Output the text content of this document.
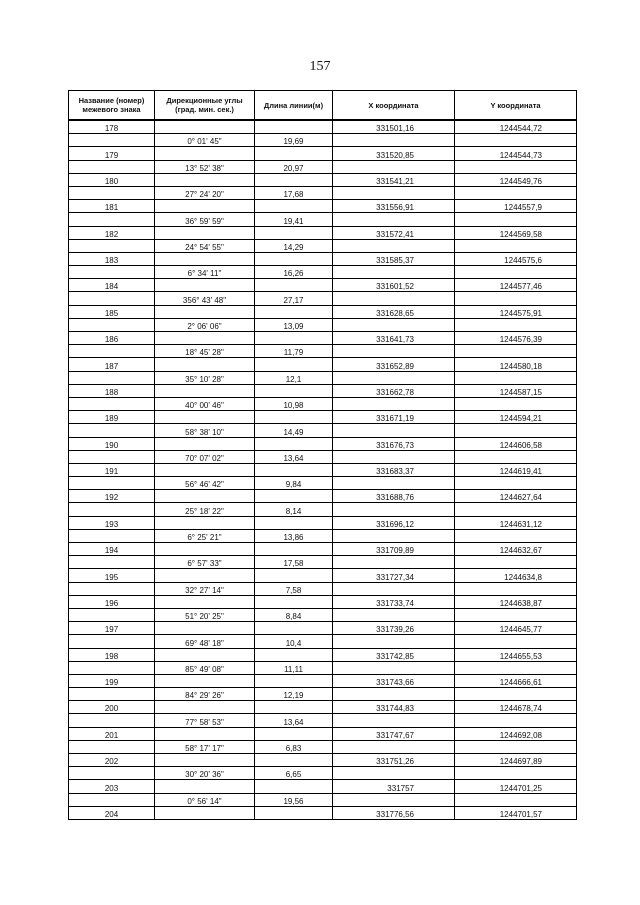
157
Название (номер) межевого знака	Дирекционные углы (град. мин. сек.)	Длина линии(м)	X координата	Y координата
178			331501,16	1244544,72
	0° 01' 45"	19,69		
179			331520,85	1244544,73
	13° 52' 38"	20,97		
180			331541,21	1244549,76
	27° 24' 20"	17,68		
181			331556,91	1244557,9
	36° 59' 59"	19,41		
182			331572,41	1244569,58
	24° 54' 55"	14,29		
183			331585,37	1244575,6
	6° 34' 11"	16,26		
184			331601,52	1244577,46
	356° 43' 48"	27,17		
185			331628,65	1244575,91
	2° 06' 06"	13,09		
186			331641,73	1244576,39
	18° 45' 28"	11,79		
187			331652,89	1244580,18
	35° 10' 28"	12,1		
188			331662,78	1244587,15
	40° 00' 46"	10,98		
189			331671,19	1244594,21
	58° 38' 10"	14,49		
190			331676,73	1244606,58
	70° 07' 02"	13,64		
191			331683,37	1244619,41
	56° 46' 42"	9,84		
192			331688,76	1244627,64
	25° 18' 22"	8,14		
193			331696,12	1244631,12
	6° 25' 21"	13,86		
194			331709,89	1244632,67
	6° 57' 33"	17,58		
195			331727,34	1244634,8
	32° 27' 14"	7,58		
196			331733,74	1244638,87
	51° 20' 25"	8,84		
197			331739,26	1244645,77
	69° 48' 18"	10,4		
198			331742,85	1244655,53
	85° 49' 08"	11,11		
199			331743,66	1244666,61
	84° 29' 26"	12,19		
200			331744,83	1244678,74
	77° 58' 53"	13,64		
201			331747,67	1244692,08
	58° 17' 17"	6,83		
202			331751,26	1244697,89
	30° 20' 36"	6,65		
203			331757	1244701,25
	0° 56' 14"	19,56		
204			331776,56	1244701,57
